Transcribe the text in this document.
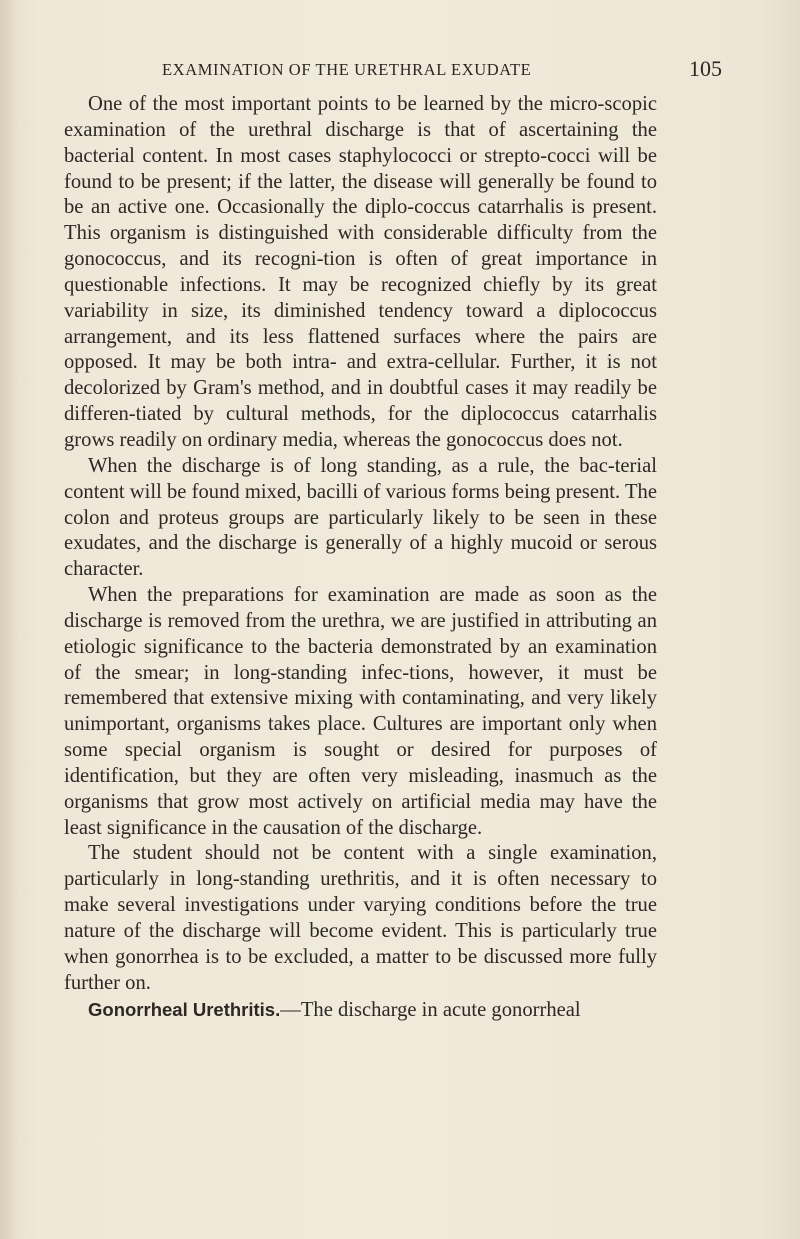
EXAMINATION OF THE URETHRAL EXUDATE	105

One of the most important points to be learned by the micro-scopic examination of the urethral discharge is that of ascertaining the bacterial content. In most cases staphylococci or strepto-cocci will be found to be present; if the latter, the disease will generally be found to be an active one. Occasionally the diplo-coccus catarrhalis is present. This organism is distinguished with considerable difficulty from the gonococcus, and its recogni-tion is often of great importance in questionable infections. It may be recognized chiefly by its great variability in size, its diminished tendency toward a diplococcus arrangement, and its less flattened surfaces where the pairs are opposed. It may be both intra- and extra-cellular. Further, it is not decolorized by Gram's method, and in doubtful cases it may readily be differen-tiated by cultural methods, for the diplococcus catarrhalis grows readily on ordinary media, whereas the gonococcus does not.

When the discharge is of long standing, as a rule, the bac-terial content will be found mixed, bacilli of various forms being present. The colon and proteus groups are particularly likely to be seen in these exudates, and the discharge is generally of a highly mucoid or serous character.

When the preparations for examination are made as soon as the discharge is removed from the urethra, we are justified in attributing an etiologic significance to the bacteria demonstrated by an examination of the smear; in long-standing infec-tions, however, it must be remembered that extensive mixing with contaminating, and very likely unimportant, organisms takes place. Cultures are important only when some special organism is sought or desired for purposes of identification, but they are often very misleading, inasmuch as the organisms that grow most actively on artificial media may have the least significance in the causation of the discharge.

The student should not be content with a single examination, particularly in long-standing urethritis, and it is often necessary to make several investigations under varying conditions before the true nature of the discharge will become evident. This is particularly true when gonorrhea is to be excluded, a matter to be discussed more fully further on.

Gonorrheal Urethritis.—The discharge in acute gonorrheal
